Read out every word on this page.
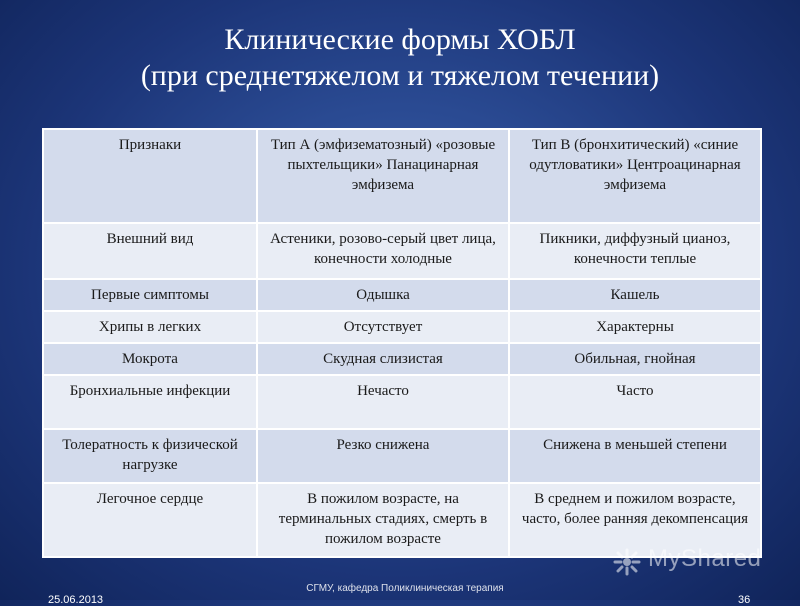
Клинические формы ХОБЛ
(при среднетяжелом и тяжелом течении)
Признаки	Тип А (эмфизематозный) «розовые пыхтельщики» Панацинарная эмфизема	Тип В (бронхитический) «синие одутловатики» Центроацинарная эмфизема
Внешний вид	Астеники, розово-серый цвет лица, конечности холодные	Пикники, диффузный цианоз, конечности теплые
Первые симптомы	Одышка	Кашель
Хрипы в легких	Отсутствует	Характерны
Мокрота	Скудная слизистая	Обильная, гнойная
Бронхиальные инфекции	Нечасто	Часто
Толератность к физической нагрузке	Резко снижена	Снижена в меньшей степени
Легочное сердце	В пожилом возрасте, на терминальных стадиях, смерть в пожилом возрасте	В среднем и пожилом возрасте, часто, более ранняя декомпенсация
MyShared
25.06.2013
СГМУ, кафедра Поликлиническая терапия
36
